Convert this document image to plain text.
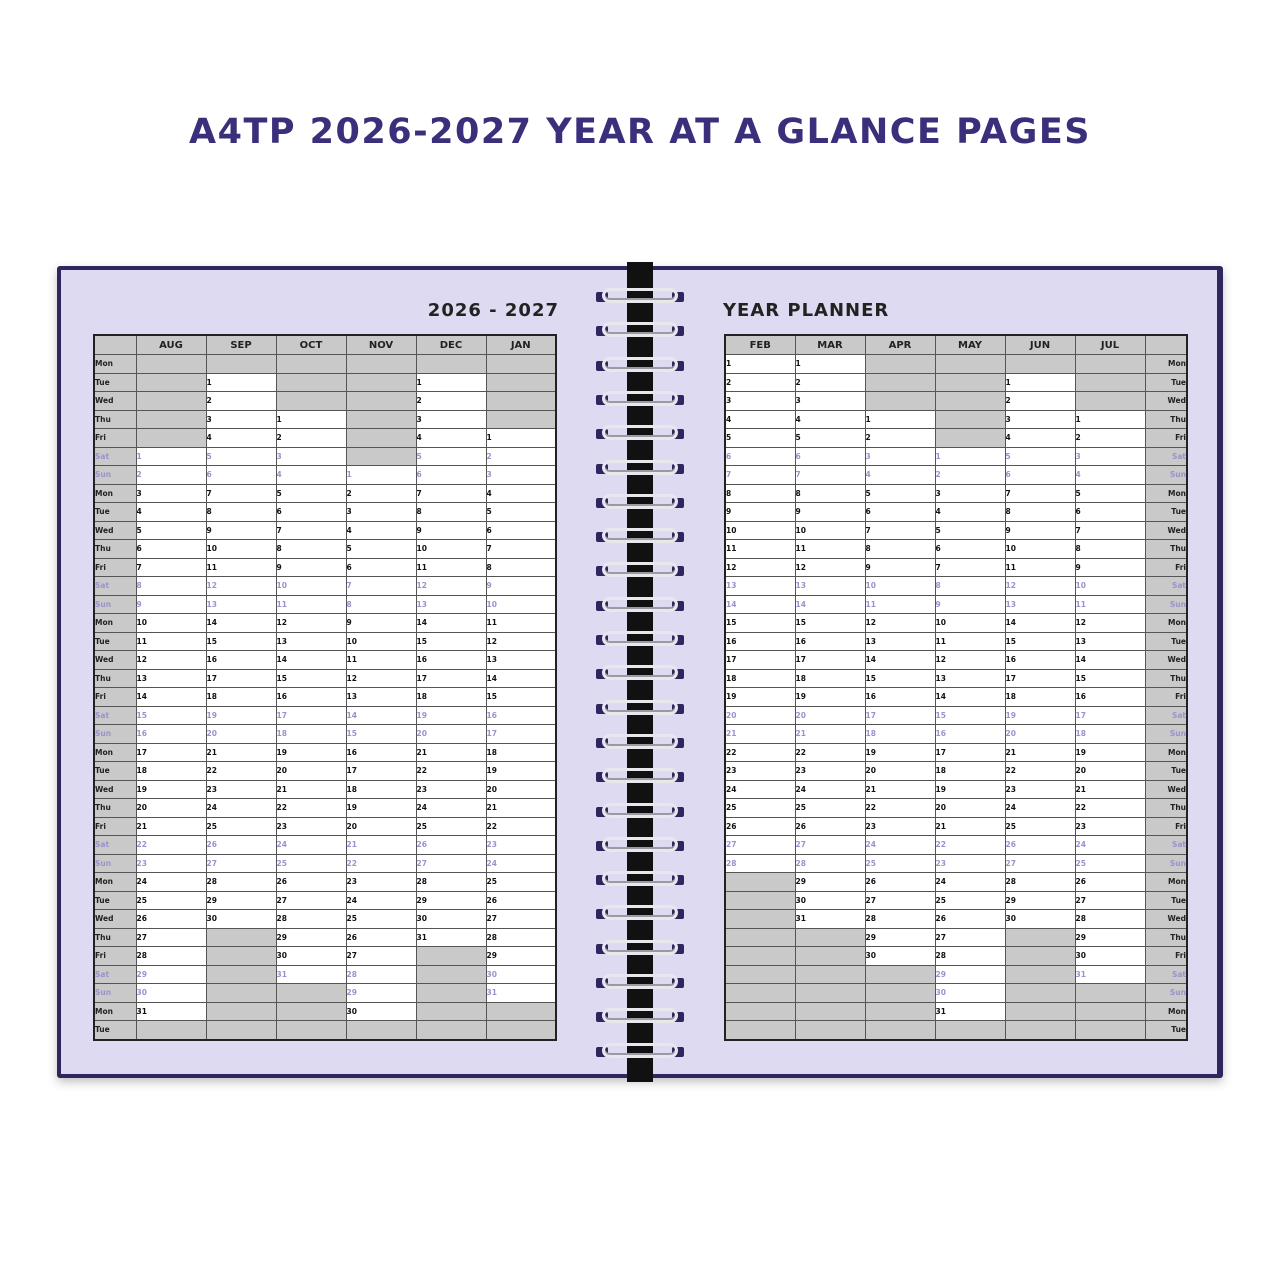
A4TP 2026-2027 YEAR AT A GLANCE PAGES
2026 - 2027
	AUG	SEP	OCT	NOV	DEC	JAN
Mon						
Tue		1			1	
Wed		2			2	
Thu		3	1		3	
Fri		4	2		4	1
Sat	1	5	3		5	2
Sun	2	6	4	1	6	3
Mon	3	7	5	2	7	4
Tue	4	8	6	3	8	5
Wed	5	9	7	4	9	6
Thu	6	10	8	5	10	7
Fri	7	11	9	6	11	8
Sat	8	12	10	7	12	9
Sun	9	13	11	8	13	10
Mon	10	14	12	9	14	11
Tue	11	15	13	10	15	12
Wed	12	16	14	11	16	13
Thu	13	17	15	12	17	14
Fri	14	18	16	13	18	15
Sat	15	19	17	14	19	16
Sun	16	20	18	15	20	17
Mon	17	21	19	16	21	18
Tue	18	22	20	17	22	19
Wed	19	23	21	18	23	20
Thu	20	24	22	19	24	21
Fri	21	25	23	20	25	22
Sat	22	26	24	21	26	23
Sun	23	27	25	22	27	24
Mon	24	28	26	23	28	25
Tue	25	29	27	24	29	26
Wed	26	30	28	25	30	27
Thu	27		29	26	31	28
Fri	28		30	27		29
Sat	29		31	28		30
Sun	30			29		31
Mon	31			30		
Tue						
YEAR PLANNER
FEB	MAR	APR	MAY	JUN	JUL	
1	1					Mon
2	2			1		Tue
3	3			2		Wed
4	4	1		3	1	Thu
5	5	2		4	2	Fri
6	6	3	1	5	3	Sat
7	7	4	2	6	4	Sun
8	8	5	3	7	5	Mon
9	9	6	4	8	6	Tue
10	10	7	5	9	7	Wed
11	11	8	6	10	8	Thu
12	12	9	7	11	9	Fri
13	13	10	8	12	10	Sat
14	14	11	9	13	11	Sun
15	15	12	10	14	12	Mon
16	16	13	11	15	13	Tue
17	17	14	12	16	14	Wed
18	18	15	13	17	15	Thu
19	19	16	14	18	16	Fri
20	20	17	15	19	17	Sat
21	21	18	16	20	18	Sun
22	22	19	17	21	19	Mon
23	23	20	18	22	20	Tue
24	24	21	19	23	21	Wed
25	25	22	20	24	22	Thu
26	26	23	21	25	23	Fri
27	27	24	22	26	24	Sat
28	28	25	23	27	25	Sun
	29	26	24	28	26	Mon
	30	27	25	29	27	Tue
	31	28	26	30	28	Wed
		29	27		29	Thu
		30	28		30	Fri
			29		31	Sat
			30			Sun
			31			Mon
						Tue
